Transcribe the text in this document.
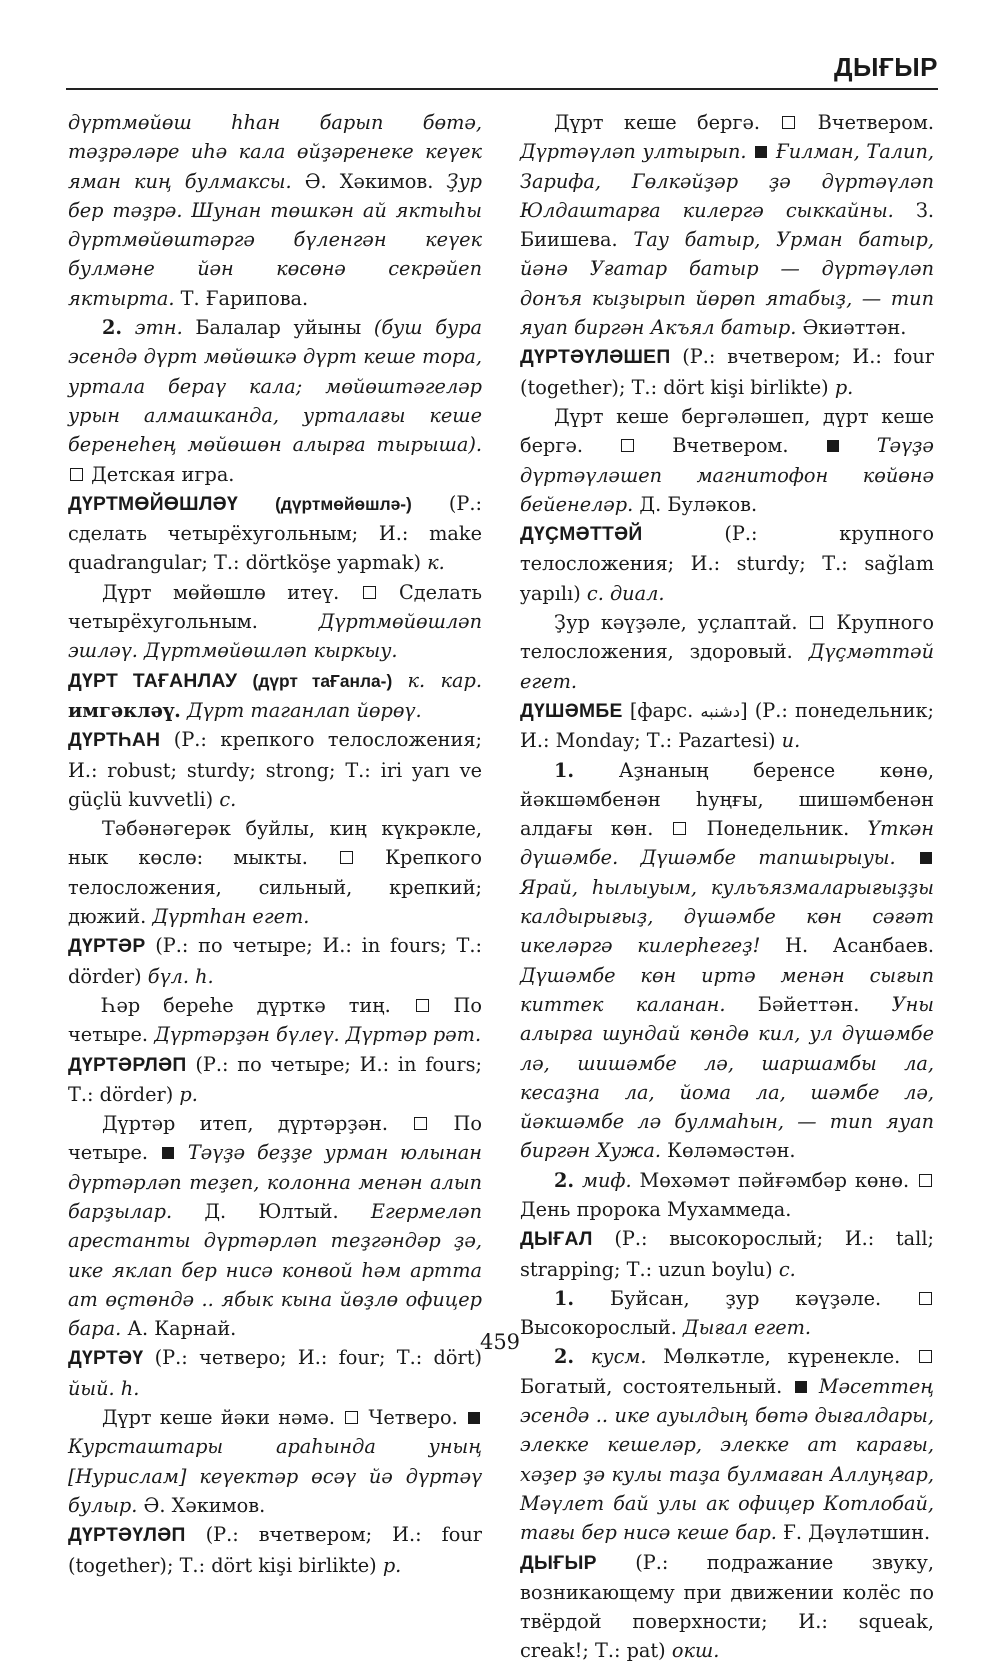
ДЫҒЫР

дүртмөйөш һһан барып бөтә, тәҙрәләре иһә кала өйҙәренеке кеүек яман киң булмаксы. Ә. Хәкимов. Ҙур бер тәҙрә. Шунан төшкән ай яктыһы дүртмөйөштәргә бүленгән кеүек булмәне йән көсөнә секрәйеп яктырта. Т. Ғарипова.

2. этн. Балалар уйыны (буш бура эсендә дүрт мөйөшкә дүрт кеше тора, уртала бераү кала; мөйөштәгеләр урын алмашканда, урталағы кеше беренеһең мөйөшөн алырға тырыша).  Детская игра.

ДҮРТМӨЙӨШЛӘҮ (дүртмөйөшлә-) (Р.: сделать четырёхугольным; И.: make quadrangular; Т.: dörtköşe yapmak) к.

Дүрт мөйөшлө итеү.  Сделать четырёхугольным. Дүртмөйөшләп эшләү. Дүртмөйөшләп кыркыу.

ДҮРТ ТАҒАНЛАУ (дүрт таҒанла-) к. кар. имгәкләү. Дүрт таганлап йөрөү.

ДҮРТҺАН (Р.: крепкого телосложения; И.: robust; sturdy; strong; Т.: iri yarı ve güçlü kuvvetli) с.

Тәбәнәгерәк буйлы, киң күкрәкле, нык көслө: мыкты.  Крепкого телосложения, сильный, крепкий; дюжий. Дүртһан егет.

ДҮРТӘР (Р.: по четыре; И.: in fours; Т.: dörder) бүл. h.

Һәр береһе дүрткә тиң.  По четыре. Дүртәрҙән бүлеү. Дүртәр рәт.

ДҮРТӘРЛӘП (Р.: по четыре; И.: in fours; Т.: dörder) р.

Дүртәр итеп, дүртәрҙән.  По четыре.  Тәүҙә беҙҙе урман юлынан дүртәрләп теҙеп, колонна менән алып барҙылар. Д. Юлтый. Егермеләп арестанты дүртәрләп теҙгәндәр ҙә, ике яклап бер нисә конвой һәм арттa ат өҫтөндә .. ябык кына йөҙлө офицер бара. А. Карнай.

ДҮРТӘҮ (Р.: четверо; И.: four; Т.: dört) йый. h.

Дүрт кеше йәки нәмә.  Четверо.  Курсташтары араһында уның [Нурислам] кеүектәр өсәү йә дүртәү булыр. Ә. Хәкимов.

ДҮРТӘҮЛӘП (Р.: вчетвером; И.: four (together); Т.: dört kişi birlikte) р.

Дүрт кеше бергә.  Вчетвером. Дүртәүләп ултырып. Ғилман, Талип, Зарифа, Гөлкәйҙәр ҙә дүртәүләп Юлдаштарға килергә сыккайны. З. Биишева. Тау батыр, Урман батыр, йәнә Уғатар батыр — дүртәүләп донъя кыҙырып йөрөп ятабыҙ, — тип яуап биргән Акъял батыр. Әкиәттән.

ДҮРТӘҮЛӘШЕП (Р.: вчетвером; И.: four (together); Т.: dört kişi birlikte) р.

Дүрт кеше бергәләшеп, дүрт кеше бергә.  Вчетвером.	Тәүҙә дүртәүләшеп магнитофон көйөнә бейенеләр. Д. Буләков.

ДҮҪМӘТТӘЙ (Р.: крупного телосложения; И.: sturdy; Т.: sağlam yapılı) с. диал.

Ҙур кәүҙәле, уҫлаптай.  Крупного телосложения, здоровый. Дүҫмәттәй егет.

ДҮШӘМБЕ [фарс. دشنبه] (Р.: понедельник; И.: Monday; Т.: Pazartesi) и.

1. Аҙнаның беренсе көнө, йәкшәмбенән һуңғы, шишәмбенән алдағы көн.  Понедельник. Үткән дүшәмбе. Дүшәмбе тапшырыуы.  Ярай, һылыуым, кульъязмаларығыҙҙы калдырығыҙ, дүшәмбе көн сәғәт икеләргә килерһегеҙ! Н. Асанбаев. Дүшәмбе көн иртә менән сығып киттек каланан. Бәйеттән. Уны алырға шундай көндө кил, ул дүшәмбе лә, шишәмбе лә, шаршамбы ла, кесаҙна ла, йома ла, шәмбе лә, йәкшәмбе лә булмаһын, — тип яуап биргән Хужа. Көләмәстән.

2. миф. Мөхәмәт пәйғәмбәр көнө.  День пророка Мухаммеда.

ДЫҒАЛ (Р.: высокорослый; И.: tall; strapping; Т.: uzun boylu) с.

1. Буйсан, ҙур кәүҙәле.  Высокорослый. Дығал егет.

2. кусм. Мөлкәтле, күренекле.  Богатый, состоятельный.  Мәсеттең эсендә .. ике ауылдың бөтә дығалдары, элекке кешеләр, элекке ат карағы, хәҙер ҙә кулы таҙа булмаған Аллуңғар, Мәүлет бай улы ак офицер Котлобай, тағы бер нисә кеше бар. Ғ. Дәүләтшин.

ДЫҒЫР (Р.: подражание звуку, возникающему при движении колёс по твёрдой поверхности; И.: squeak, creak!; Т.: pat) окш.

459
